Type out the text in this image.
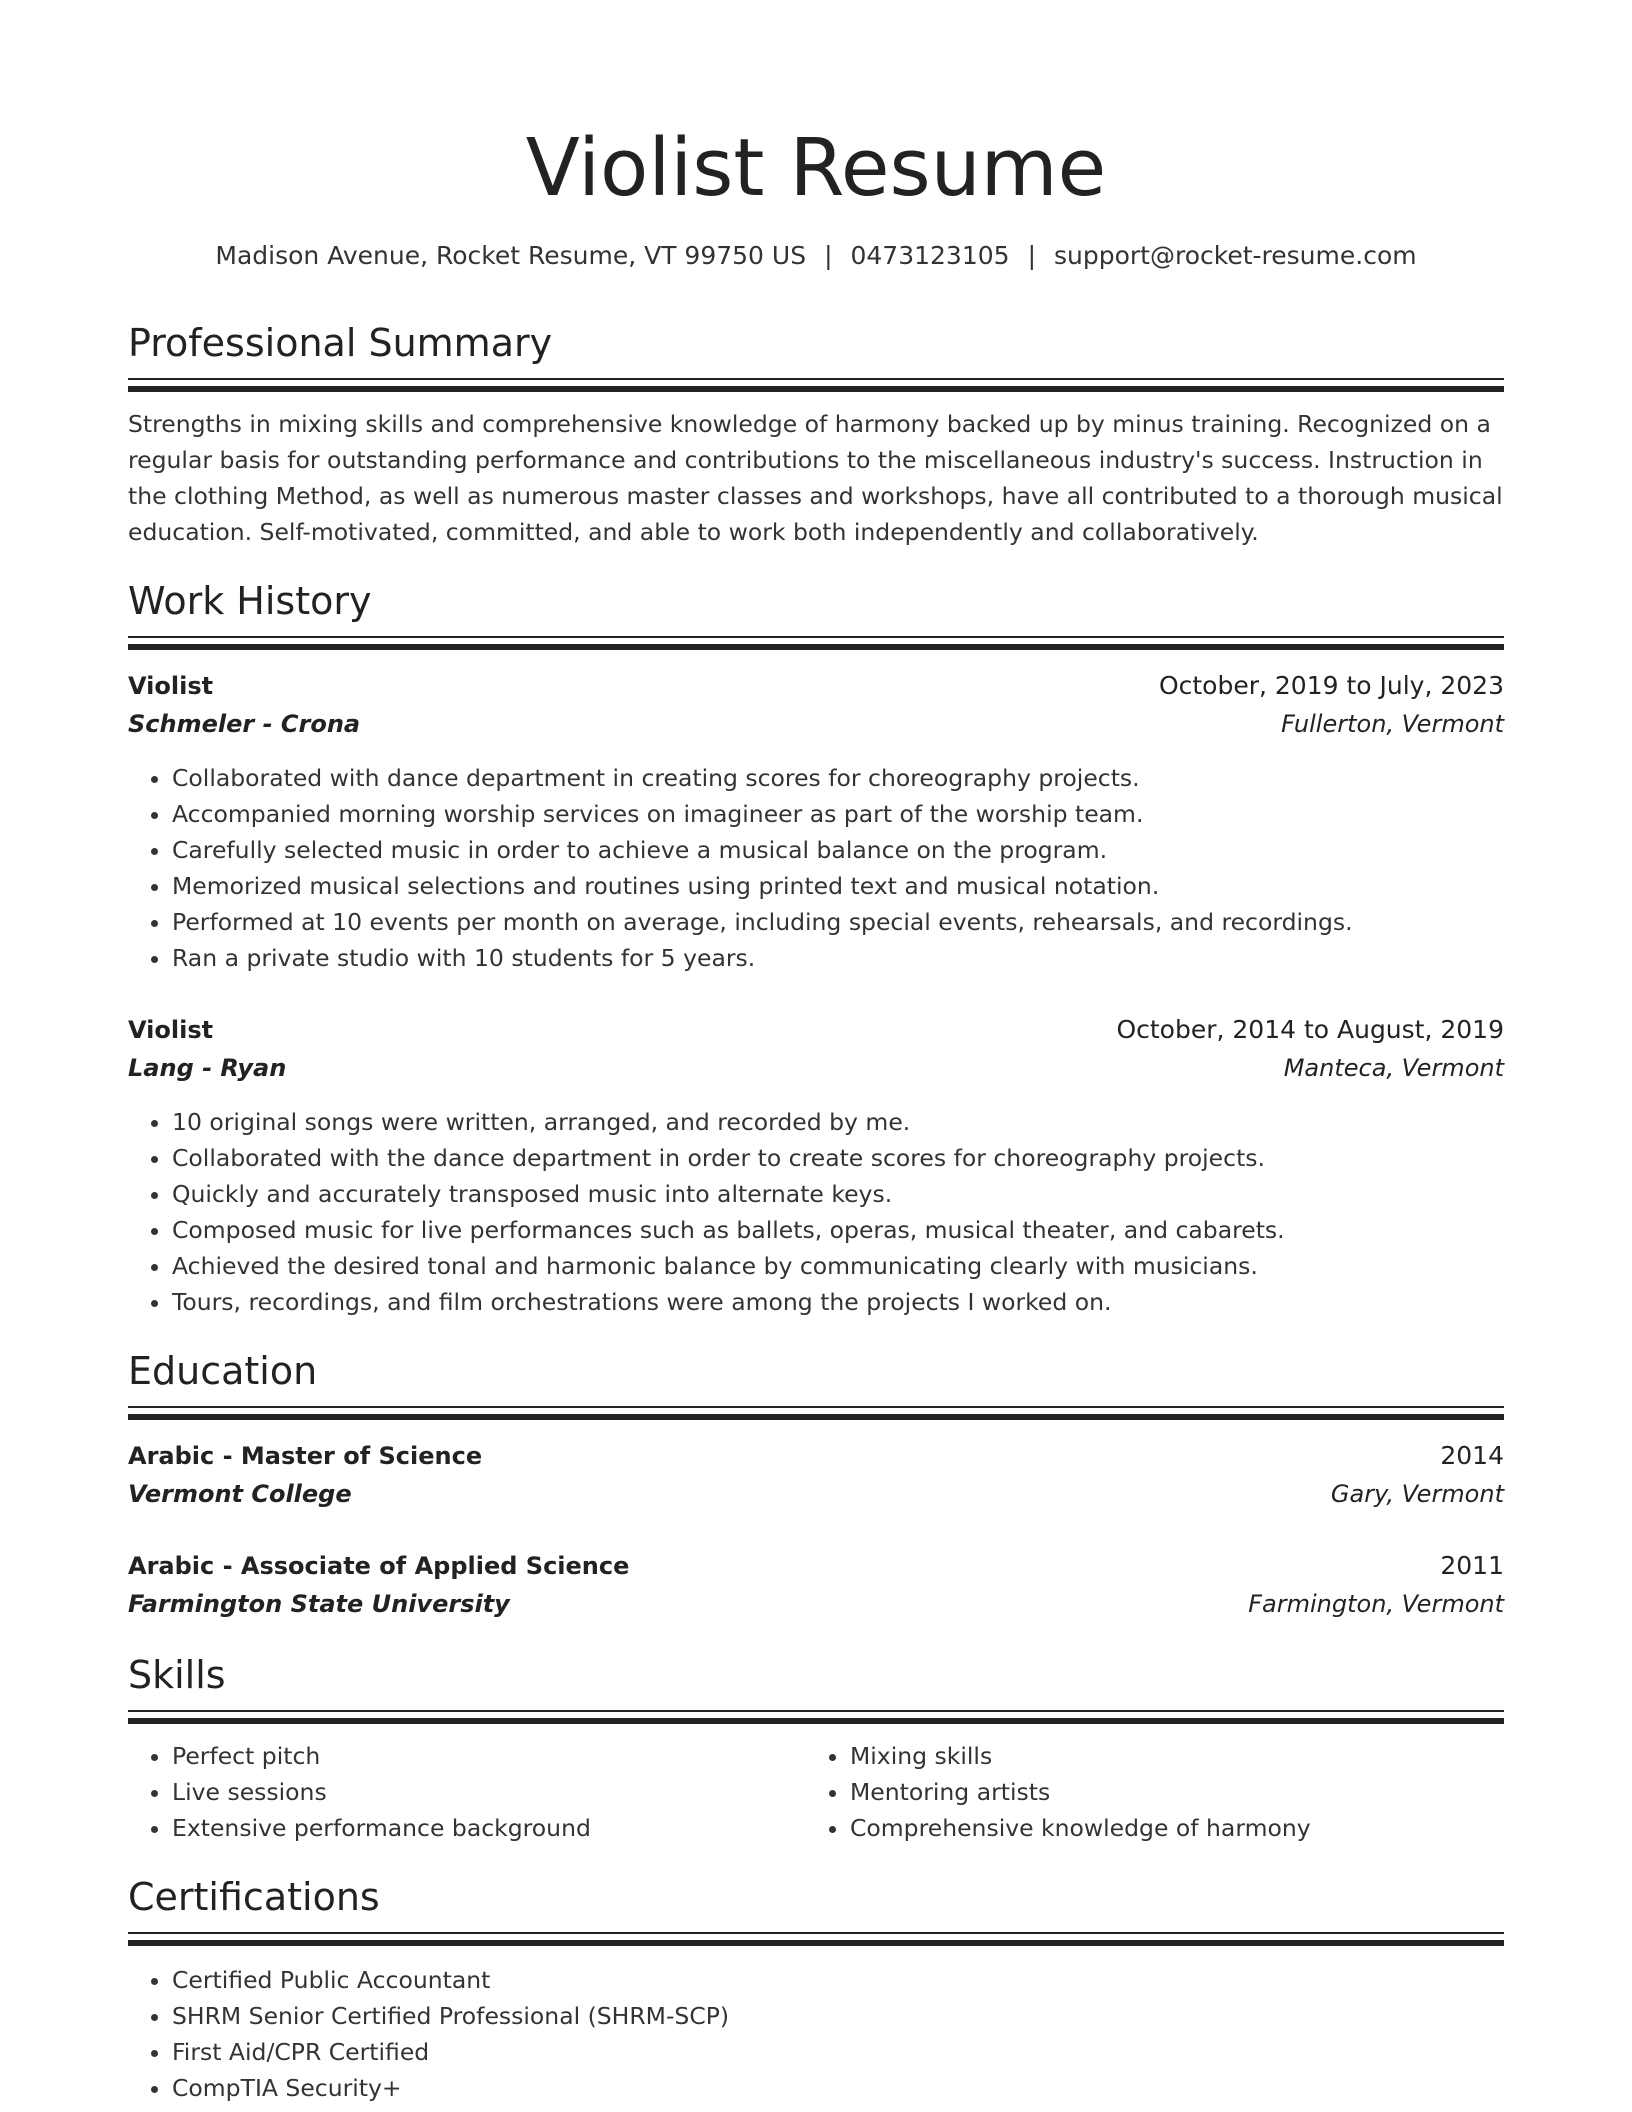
Violist Resume
Madison Avenue, Rocket Resume, VT 99750 US | 0473123105 | support@rocket-resume.com
Professional Summary
Strengths in mixing skills and comprehensive knowledge of harmony backed up by minus training. Recognized on a regular basis for outstanding performance and contributions to the miscellaneous industry's success. Instruction in the clothing Method, as well as numerous master classes and workshops, have all contributed to a thorough musical education. Self-motivated, committed, and able to work both independently and collaboratively.
Work History
Violist	October, 2019 to July, 2023
Schmeler - Crona	Fullerton, Vermont
• Collaborated with dance department in creating scores for choreography projects.
• Accompanied morning worship services on imagineer as part of the worship team.
• Carefully selected music in order to achieve a musical balance on the program.
• Memorized musical selections and routines using printed text and musical notation.
• Performed at 10 events per month on average, including special events, rehearsals, and recordings.
• Ran a private studio with 10 students for 5 years.
Violist	October, 2014 to August, 2019
Lang - Ryan	Manteca, Vermont
• 10 original songs were written, arranged, and recorded by me.
• Collaborated with the dance department in order to create scores for choreography projects.
• Quickly and accurately transposed music into alternate keys.
• Composed music for live performances such as ballets, operas, musical theater, and cabarets.
• Achieved the desired tonal and harmonic balance by communicating clearly with musicians.
• Tours, recordings, and film orchestrations were among the projects I worked on.
Education
Arabic - Master of Science	2014
Vermont College	Gary, Vermont
Arabic - Associate of Applied Science	2011
Farmington State University	Farmington, Vermont
Skills
• Perfect pitch
• Live sessions
• Extensive performance background
• Mixing skills
• Mentoring artists
• Comprehensive knowledge of harmony
Certifications
• Certified Public Accountant
• SHRM Senior Certified Professional (SHRM-SCP)
• First Aid/CPR Certified
• CompTIA Security+
